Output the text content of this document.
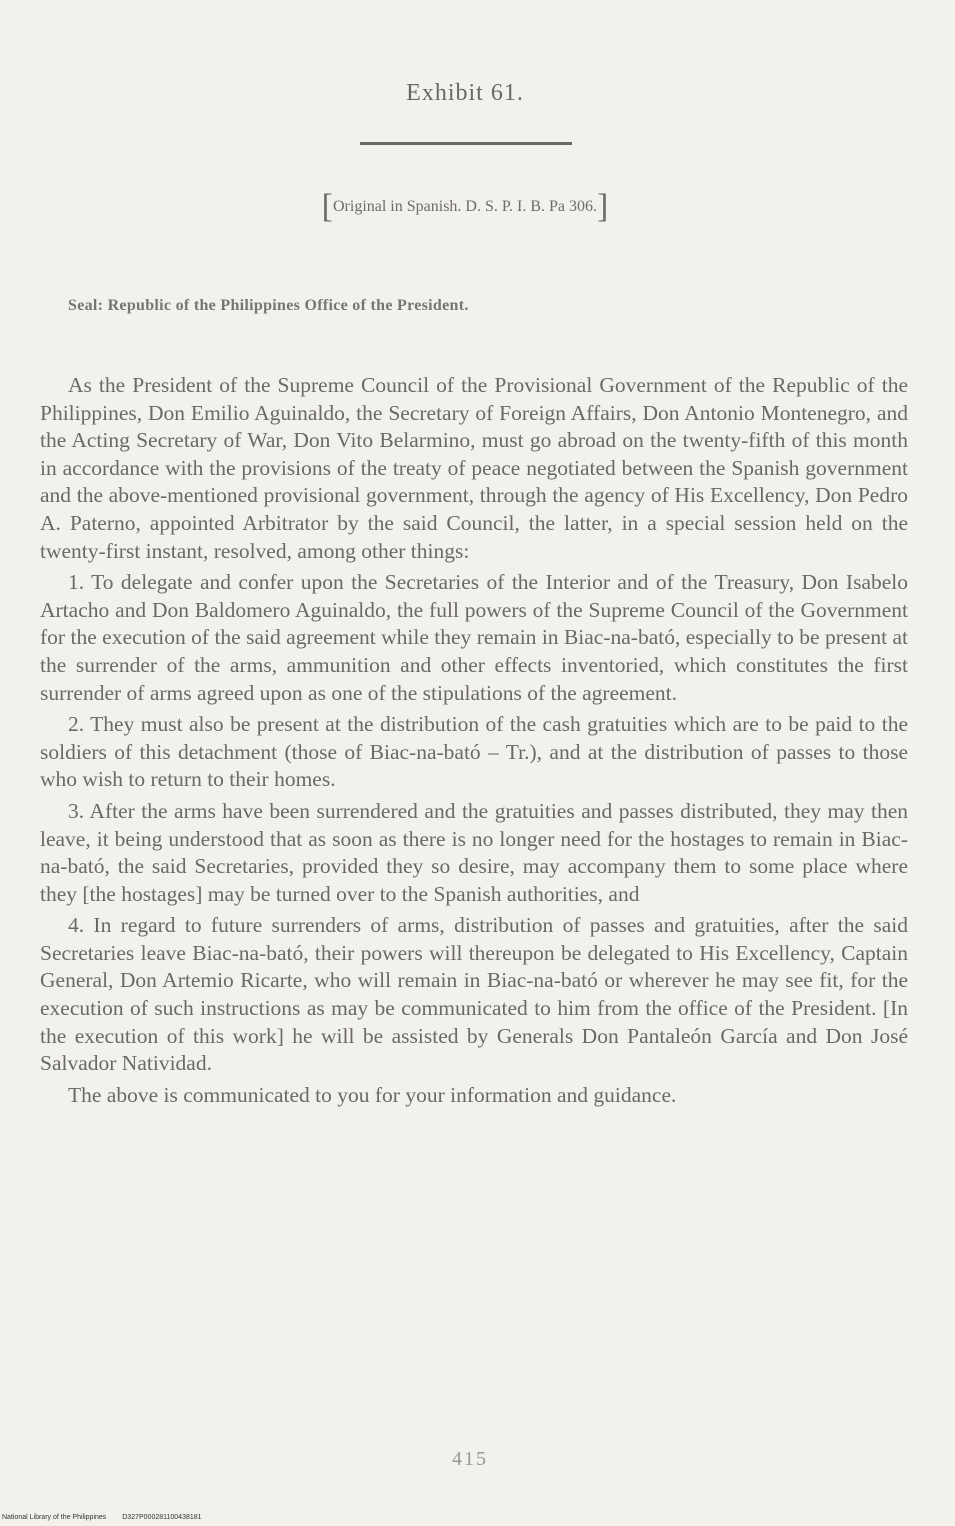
Exhibit 61.
[Original in Spanish. D. S. P. I. B. Pa 306.]
Seal: Republic of the Philippines Office of the President.

As the President of the Supreme Council of the Provisional Government of the Republic of the Philippines, Don Emilio Aguinaldo, the Secretary of Foreign Affairs, Don Antonio Montenegro, and the Acting Secretary of War, Don Vito Belarmino, must go abroad on the twenty-fifth of this month in accordance with the provisions of the treaty of peace negotiated between the Spanish government and the above-mentioned provisional government, through the agency of His Excellency, Don Pedro A. Paterno, appointed Arbitrator by the said Council, the latter, in a special session held on the twenty-first instant, resolved, among other things:

1. To delegate and confer upon the Secretaries of the Interior and of the Treasury, Don Isabelo Artacho and Don Baldomero Aguinaldo, the full powers of the Supreme Council of the Government for the execution of the said agreement while they remain in Biac-na-bató, especially to be present at the surrender of the arms, ammunition and other effects inventoried, which constitutes the first surrender of arms agreed upon as one of the stipulations of the agreement.

2. They must also be present at the distribution of the cash gratuities which are to be paid to the soldiers of this detachment (those of Biac-na-bató – Tr.), and at the distribution of passes to those who wish to return to their homes.

3. After the arms have been surrendered and the gratuities and passes distributed, they may then leave, it being understood that as soon as there is no longer need for the hostages to remain in Biac-na-bató, the said Secretaries, provided they so desire, may accompany them to some place where they [the hostages] may be turned over to the Spanish authorities, and

4. In regard to future surrenders of arms, distribution of passes and gratuities, after the said Secretaries leave Biac-na-bató, their powers will thereupon be delegated to His Excellency, Captain General, Don Artemio Ricarte, who will remain in Biac-na-bató or wherever he may see fit, for the execution of such instructions as may be communicated to him from the office of the President. [In the execution of this work] he will be assisted by Generals Don Pantaleón García and Don José Salvador Natividad.

The above is communicated to you for your information and guidance.

415
National Library of the Philippines D327P000281100438181
